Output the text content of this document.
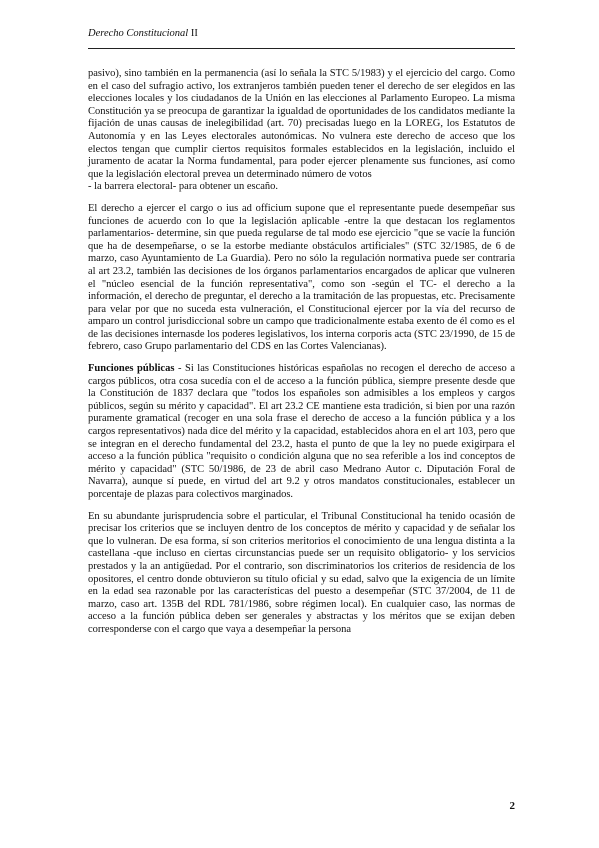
Derecho Constitucional II

pasivo), sino también en la permanencia (así lo señala la STC 5/1983) y el ejercicio del cargo. Como en el caso del sufragio activo, los extranjeros también pueden tener el derecho de ser elegidos en las elecciones locales y los ciudadanos de la Unión en las elecciones al Parlamento Europeo. La misma Constitución ya se preocupa de garantizar la igualdad de oportunidades de los candidatos mediante la fijación de unas causas de inelegibilidad (art. 70) precisadas luego en la LOREG, los Estatutos de Autonomía y en las Leyes electorales autonómicas. No vulnera este derecho de acceso que los electos tengan que cumplir ciertos requisitos formales establecidos en la legislación, incluido el juramento de acatar la Norma fundamental, para poder ejercer plenamente sus funciones, así como que la legislación electoral prevea un determinado número de votos
- la barrera electoral- para obtener un escaño.

El derecho a ejercer el cargo o ius ad officium supone que el representante puede desempeñar sus funciones de acuerdo con lo que la legislación aplicable -entre la que destacan los reglamentos parlamentarios- determine, sin que pueda regularse de tal modo ese ejercicio "que se vacíe la función que ha de desempeñarse, o se la estorbe mediante obstáculos artificiales" (STC 32/1985, de 6 de marzo, caso Ayuntamiento de La Guardia). Pero no sólo la regulación normativa puede ser contraria al art 23.2, también las decisiones de los órganos parlamentarios encargados de aplicar que vulneren el "núcleo esencial de la función representativa", como son -según el TC- el derecho a la información, el derecho de preguntar, el derecho a la tramitación de las propuestas, etc. Precisamente para velar por que no suceda esta vulneración, el Constitucional ejercer por la vía del recurso de amparo un control jurisdiccional sobre un campo que tradicionalmente estaba exento de él como es el de las decisiones internasde los poderes legislativos, los interna corporis acta (STC 23/1990, de 15 de febrero, caso Grupo parlamentario del CDS en las Cortes Valencianas).

Funciones públicas - Si las Constituciones históricas españolas no recogen el derecho de acceso a cargos públicos, otra cosa sucedía con el de acceso a la función pública, siempre presente desde que la Constitución de 1837 declara que "todos los españoles son admisibles a los empleos y cargos públicos, según su mérito y capacidad". El art 23.2 CE mantiene esta tradición, si bien por una razón puramente gramatical (recoger en una sola frase el derecho de acceso a la función pública y a los cargos representativos) nada dice del mérito y la capacidad, establecidos ahora en el art 103, pero que se integran en el derecho fundamental del 23.2, hasta el punto de que la ley no puede exigirpara el acceso a la función pública "requisito o condición alguna que no sea referible a los ind conceptos de mérito y capacidad" (STC 50/1986, de 23 de abril caso Medrano Autor c. Diputación Foral de Navarra), aunque sí puede, en virtud del art 9.2 y otros mandatos constitucionales, establecer un porcentaje de plazas para colectivos marginados.

En su abundante jurisprudencia sobre el particular, el Tribunal Constitucional ha tenido ocasión de precisar los criterios que se incluyen dentro de los conceptos de mérito y capacidad y de señalar los que lo vulneran. De esa forma, sí son criterios meritorios el conocimiento de una lengua distinta a la castellana -que incluso en ciertas circunstancias puede ser un requisito obligatorio- y los servicios prestados y la an antigüedad. Por el contrario, son discriminatorios los criterios de residencia de los opositores, el centro donde obtuvieron su título oficial y su edad, salvo que la exigencia de un límite en la edad sea razonable por las características del puesto a desempeñar (STC 37/2004, de 11 de marzo, caso art. 135B del RDL 781/1986, sobre régimen local). En cualquier caso, las normas de acceso a la función pública deben ser generales y abstractas y los méritos que se exijan deben corresponderse con el cargo que vaya a desempeñar la persona

2
